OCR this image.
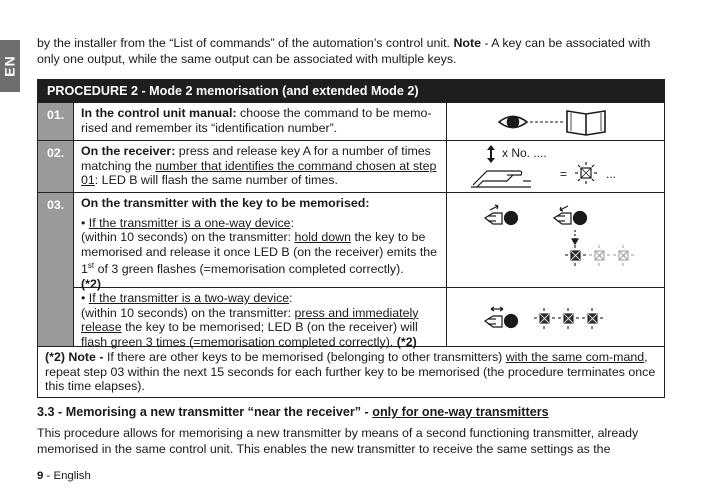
EN
by the installer from the “List of commands” of the automation’s control unit. Note - A key can be associated with only one output, while the same output can be associated with multiple keys.
PROCEDURE 2 - Mode 2 memorisation (and extended Mode 2)
01.	In the control unit manual: choose the command to be memo-rised and remember its “identification number”.
02.	On the receiver: press and release key A for a number of times matching the number that identifies the command chosen at step 01: LED B will flash the same number of times.
x No. ....
=	...
03.	On the transmitter with the key to be memorised:
• If the transmitter is a one-way device:
(within 10 seconds) on the transmitter: hold down the key to be memorised and release it once LED B (on the receiver) emits the 1st of 3 green flashes (=memorisation completed correctly).
(*2)
• If the transmitter is a two-way device:
(within 10 seconds) on the transmitter: press and immediately release the key to be memorised; LED B (on the receiver) will flash green 3 times (=memorisation completed correctly). (*2)
(*2) Note - If there are other keys to be memorised (belonging to other transmitters) with the same com-mand, repeat step 03 within the next 15 seconds for each further key to be memorised (the procedure terminates once this time elapses).
3.3 - Memorising a new transmitter “near the receiver” - only for one-way transmitters
This procedure allows for memorising a new transmitter by means of a second functioning transmitter, already memorised in the same control unit. This enables the new transmitter to receive the same settings as the
9 - English
